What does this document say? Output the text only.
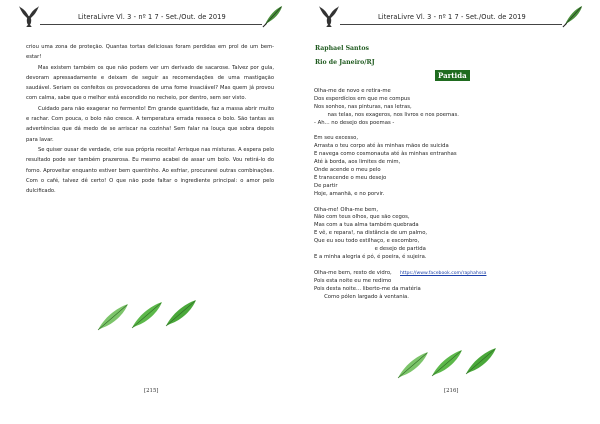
LiteraLivre Vl. 3 - nº 1 7 - Set./Out. de 2019

criou uma zona de proteção. Quantas tortas deliciosas foram perdidas em prol de um bem-estar!

Mas existem também os que não podem ver um derivado de sacarose. Talvez por gula, devoram apressadamente e deixam de seguir as recomendações de uma mastigação saudável. Seriam os confeitos os provocadores de uma fome insaciável? Mas quem já provou com calma, sabe que o melhor está escondido no recheio, por dentro, sem ser visto.

Cuidado para não exagerar no fermento! Em grande quantidade, faz a massa abrir muito e rachar. Com pouca, o bolo não cresce. A temperatura errada resseca o bolo. São tantas as advertências que dá medo de se arriscar na cozinha! Sem falar na louça que sobra depois para lavar.

Se quiser ousar de verdade, crie sua própria receita! Arrisque nas misturas. A espera pelo resultado pode ser também prazerosa. Eu mesmo acabei de assar um bolo. Vou retirá-lo do forno. Aproveitar enquanto estiver bem quentinho. Ao esfriar, procurarei outras combinações. Com o café, talvez dê certo! O que não pode faltar o ingrediente principal: o amor pelo dulcificado.

[215]
LiteraLivre Vl. 3 - nº 1 7 - Set./Out. de 2019
Raphael Santos
Rio de Janeiro/RJ
Partida
Olha-me de novo e retira-me
Dos esperdícios em que me compus
Nos sonhos, nas pinturas, nas letras,
nas telas, nos exageros, nos livros e nos poemas.
- Ah... no desejo dos poemas -
Em seu excesso,
Arrasta o teu corpo até às minhas mãos de suicida
E navega como cosmonauta até às minhas entranhas
Até à borda, aos limites de mim,
Onde acende o meu pelo
E transcende o meu desejo
De partir
Hoje, amanhã, e no porvir.
Olha-me! Olha-me bem,
Não com teus olhos, que são cegos,
Mas com a tua alma também quebrada
E vê, e repara!, na distância de um palmo,
Que eu sou todo estilhaço, e escombro,
e desejo de partida
E a minha alegria é pó, é poeira, é sujeira.
Olha-me bem, resto de vidro,
Pois esta noite eu me redimo
Pois desta noite... liberto-me da matéria
Como pólen largado à ventania.
https://www.facebook.com/raphahssa
[216]
